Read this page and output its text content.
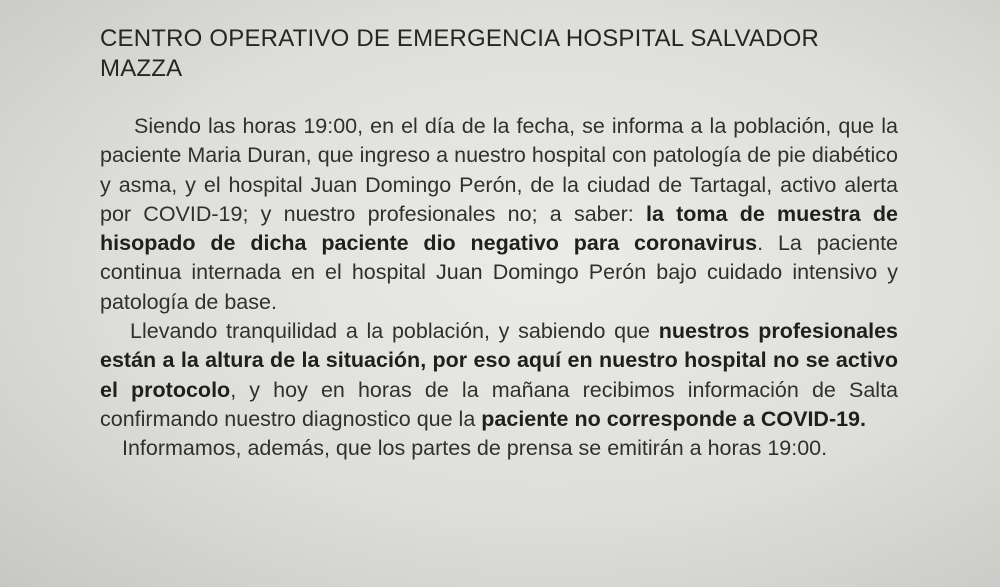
CENTRO OPERATIVO DE EMERGENCIA HOSPITAL SALVADOR MAZZA

Siendo las horas 19:00, en el día de la fecha, se informa a la población, que la paciente Maria Duran, que ingreso a nuestro hospital con patología de pie diabético y asma, y el hospital Juan Domingo Perón, de la ciudad de Tartagal, activo alerta por COVID-19; y nuestro profesionales no; a saber: la toma de muestra de hisopado de dicha paciente dio negativo para coronavirus. La paciente continua internada en el hospital Juan Domingo Perón bajo cuidado intensivo y patología de base.

Llevando tranquilidad a la población, y sabiendo que nuestros profesionales están a la altura de la situación, por eso aquí en nuestro hospital no se activo el protocolo, y hoy en horas de la mañana recibimos información de Salta confirmando nuestro diagnostico que la paciente no corresponde a COVID-19.

Informamos, además, que los partes de prensa se emitirán a horas 19:00.
